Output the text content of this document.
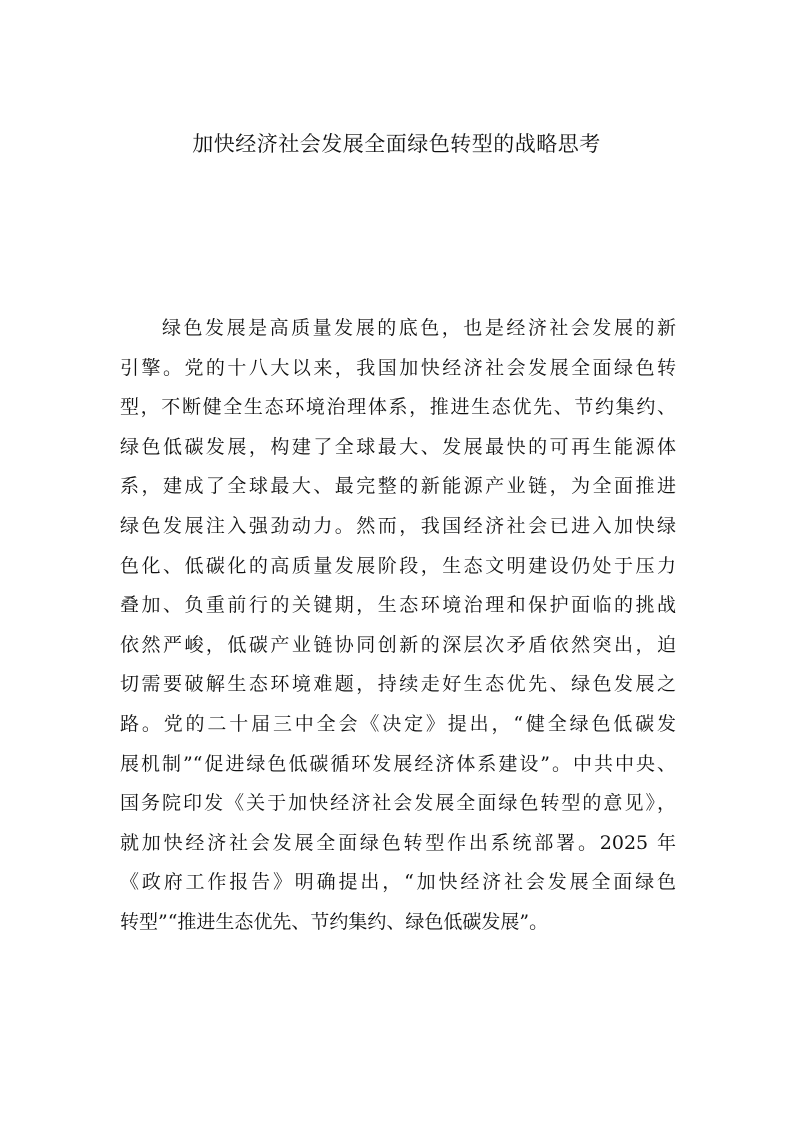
加快经济社会发展全面绿色转型的战略思考
绿色发展是高质量发展的底色，也是经济社会发展的新
引擎。党的十八大以来，我国加快经济社会发展全面绿色转
型，不断健全生态环境治理体系，推进生态优先、节约集约、
绿色低碳发展，构建了全球最大、发展最快的可再生能源体
系，建成了全球最大、最完整的新能源产业链，为全面推进
绿色发展注入强劲动力。然而，我国经济社会已进入加快绿
色化、低碳化的高质量发展阶段，生态文明建设仍处于压力
叠加、负重前行的关键期，生态环境治理和保护面临的挑战
依然严峻，低碳产业链协同创新的深层次矛盾依然突出，迫
切需要破解生态环境难题，持续走好生态优先、绿色发展之
路。党的二十届三中全会《决定》提出，“健全绿色低碳发
展机制”“促进绿色低碳循环发展经济体系建设”。中共中央、
国务院印发《关于加快经济社会发展全面绿色转型的意见》，
就加快经济社会发展全面绿色转型作出系统部署。2025 年
《政府工作报告》明确提出，“加快经济社会发展全面绿色
转型”“推进生态优先、节约集约、绿色低碳发展”。
